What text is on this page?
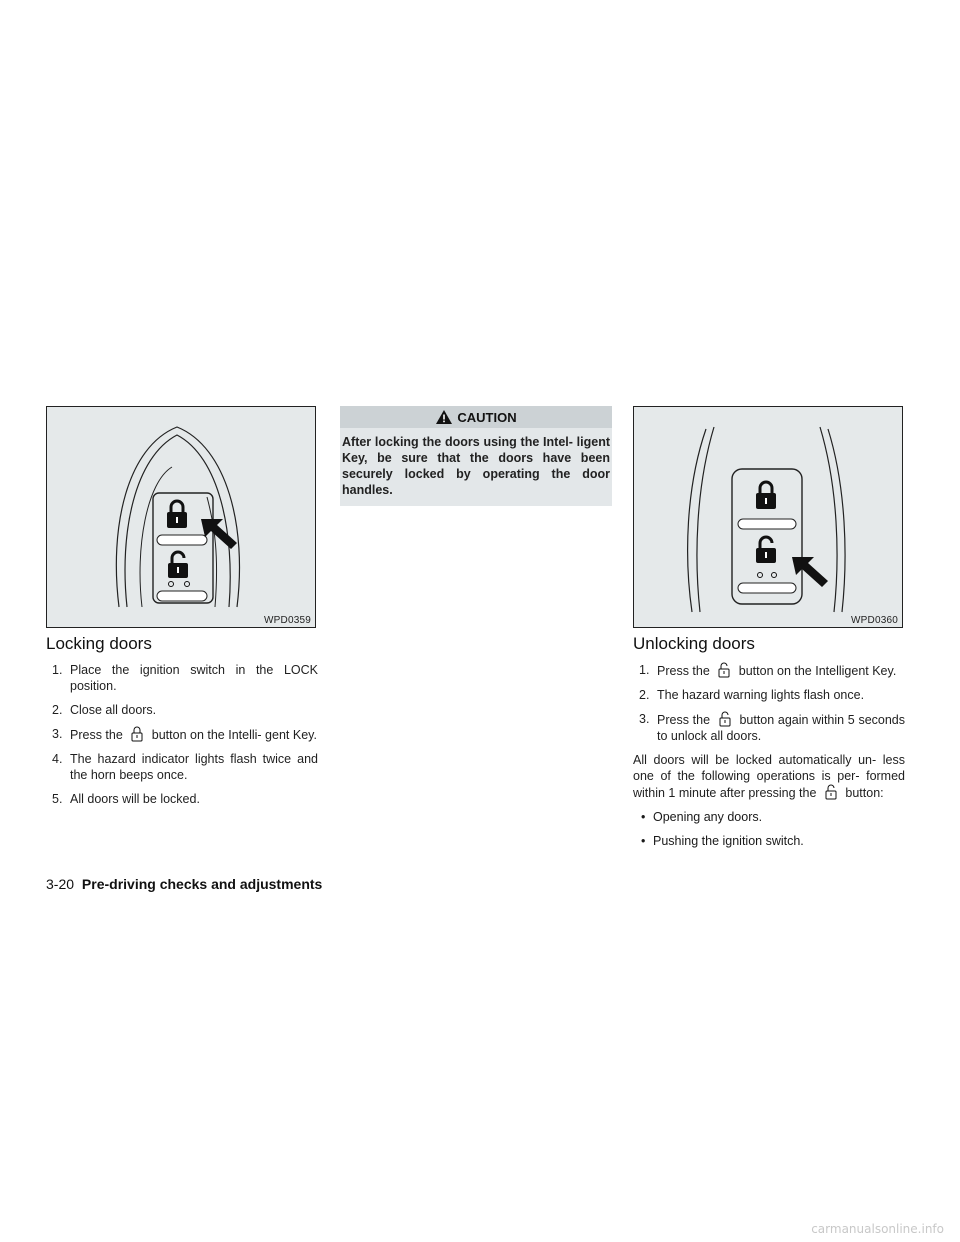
WPD0359
Locking doors
1. Place the ignition switch in the LOCK position.
2. Close all doors.
3. Press the button on the Intelli- gent Key.
4. The hazard indicator lights flash twice and the horn beeps once.
5. All doors will be locked.
CAUTION
After locking the doors using the Intel- ligent Key, be sure that the doors have been securely locked by operating the door handles.
WPD0360
Unlocking doors
1. Press the button on the Intelligent Key.
2. The hazard warning lights flash once.
3. Press the button again within 5 seconds to unlock all doors.

All doors will be locked automatically un- less one of the following operations is per- formed within 1 minute after pressing the button:

• Opening any doors.
• Pushing the ignition switch.
3-20 Pre-driving checks and adjustments
carmanualsonline.info
